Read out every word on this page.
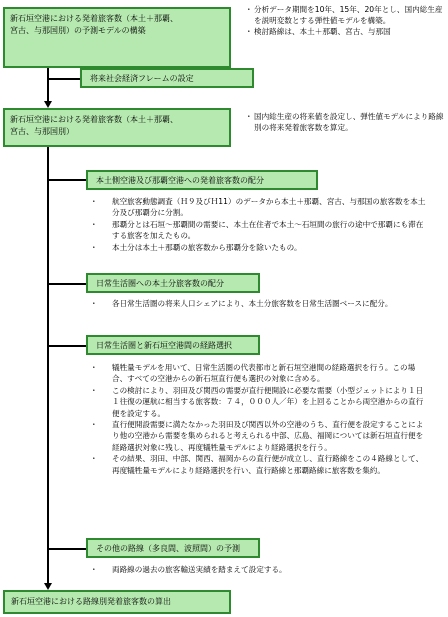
新石垣空港における発着旅客数（本土＋那覇、
宮古、与那国別）の予測モデルの構築
・ 分析データ期間を10年、15年、20年とし、国内総生産を説明変数とする弾性値モデルを構築。
・ 検討路線は、本土＋那覇、宮古、与那国
将来社会経済フレームの設定
新石垣空港における発着旅客数（本土＋那覇、
宮古、与那国別）
・ 国内総生産の将来値を設定し、弾性値モデルにより路線別の将来発着旅客数を算定。
本土側空港及び那覇空港への発着旅客数の配分
・ 航空旅客動態調査（Ｈ９及びＨ11）のデータから本土＋那覇、宮古、与那国の旅客数を本土分及び那覇分に分割。
・ 那覇分とは石垣～那覇間の需要に、本土在住者で本土～石垣間の旅行の途中で那覇にも滞在する旅客を加えたもの。
・ 本土分は本土＋那覇の旅客数から那覇分を除いたもの。
日常生活圏への本土分旅客数の配分
・ 各日常生活圏の将来人口シェアにより、本土分旅客数を日常生活圏ベースに配分。
日常生活圏と新石垣空港間の経路選択
・ 犠牲量モデルを用いて、日常生活圏の代表都市と新石垣空港間の経路選択を行う。この場合、すべての空港からの新石垣直行便も選択の対象に含める。
・ この検討により、羽田及び関西の需要が直行便開設に必要な需要（小型ジェットにより１日１往復の運航に相当する旅客数：７４，０００人／年）を上回ることから両空港からの直行便を設定する。
・ 直行便開設需要に満たなかった羽田及び関西以外の空港のうち、直行便を設定することにより他の空港から需要を集められると考えられる中部、広島、福岡については新石垣直行便を経路選択対象に残し、再度犠牲量モデルにより経路選択を行う。
・ その結果、羽田、中部、関西、福岡からの直行便が成立し、直行路線をこの４路線として、再度犠牲量モデルにより経路選択を行い、直行路線と那覇路線に旅客数を集約。
その他の路線（多良間、波照間）の予測
・ 両路線の過去の旅客輸送実績を踏まえて設定する。
新石垣空港における路線別発着旅客数の算出
